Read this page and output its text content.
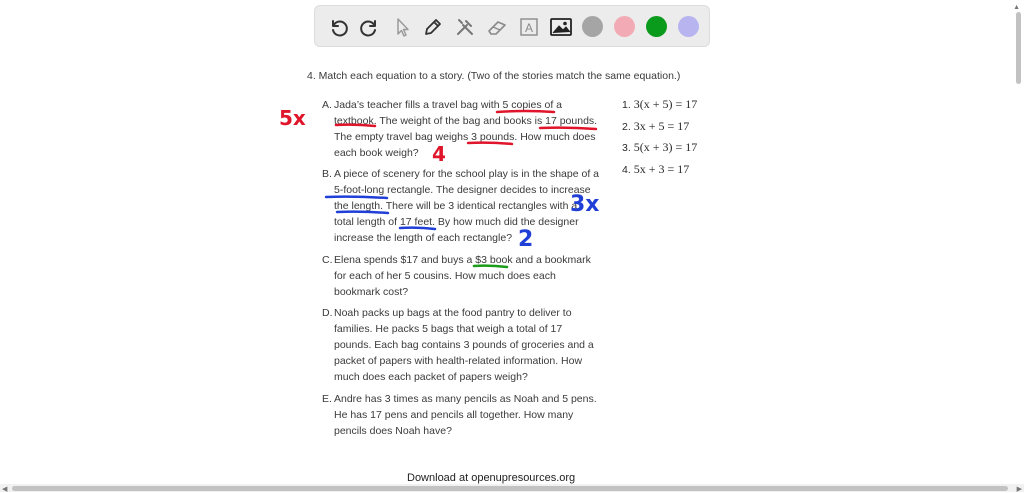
A
4. Match each equation to a story. (Two of the stories match the same equation.)
A. Jada’s teacher fills a travel bag with 5 copies of a
textbook. The weight of the bag and books is 17 pounds.
The empty travel bag weighs 3 pounds. How much does
each book weigh?
B. A piece of scenery for the school play is in the shape of a
5-foot-long rectangle. The designer decides to increase
the length. There will be 3 identical rectangles with a
total length of 17 feet. By how much did the designer
increase the length of each rectangle?
C. Elena spends $17 and buys a $3 book and a bookmark
for each of her 5 cousins. How much does each
bookmark cost?
D. Noah packs up bags at the food pantry to deliver to
families. He packs 5 bags that weigh a total of 17
pounds. Each bag contains 3 pounds of groceries and a
packet of papers with health-related information. How
much does each packet of papers weigh?
E. Andre has 3 times as many pencils as Noah and 5 pens.
He has 17 pens and pencils all together. How many
pencils does Noah have?
1. 3(x + 5) = 17
2. 3x + 5 = 17
3. 5(x + 3) = 17
4. 5x + 3 = 17
5x
4
3x
2
Download at openupresources.org
◀	▶
▲
